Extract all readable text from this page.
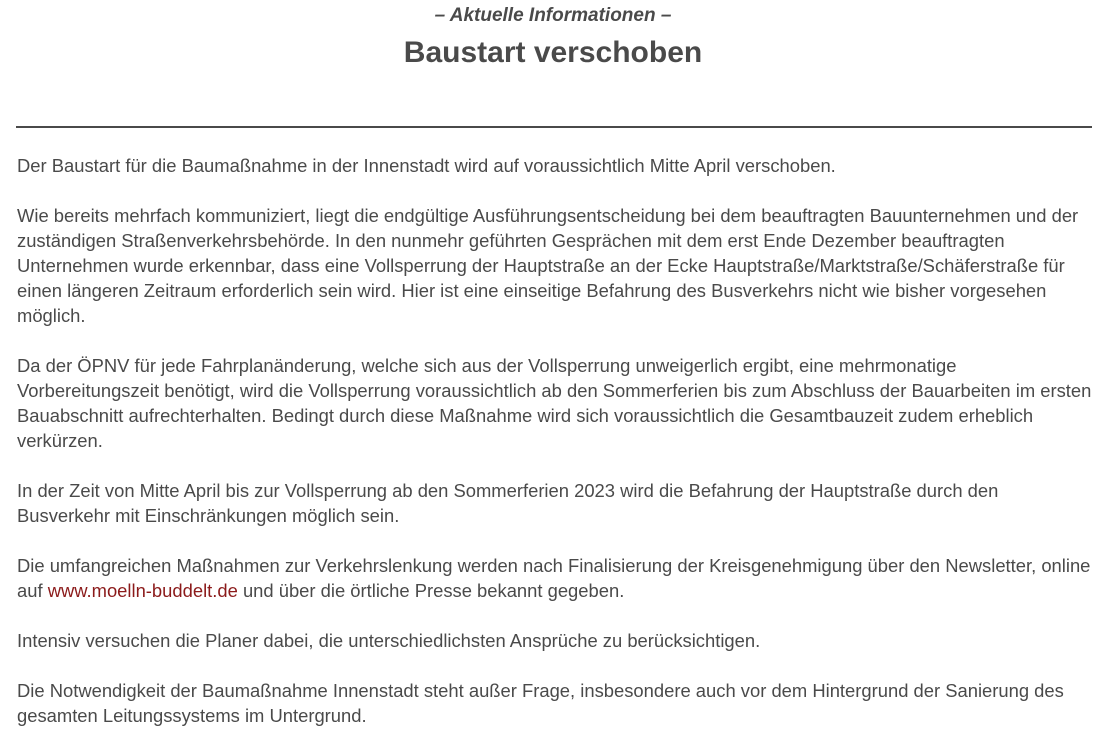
– Aktuelle Informationen –
Baustart verschoben

Der Baustart für die Baumaßnahme in der Innenstadt wird auf voraussichtlich Mitte April verschoben.

Wie bereits mehrfach kommuniziert, liegt die endgültige Ausführungsentscheidung bei dem beauftragten Bauunternehmen und der zuständigen Straßenverkehrsbehörde. In den nunmehr geführten Gesprächen mit dem erst Ende Dezember beauftragten Unternehmen wurde erkennbar, dass eine Vollsperrung der Hauptstraße an der Ecke Hauptstraße/Marktstraße/Schäferstraße für einen längeren Zeitraum erforderlich sein wird. Hier ist eine einseitige Befahrung des Busverkehrs nicht wie bisher vorgesehen möglich.

Da der ÖPNV für jede Fahrplanänderung, welche sich aus der Vollsperrung unweigerlich ergibt, eine mehrmonatige Vorbereitungszeit benötigt, wird die Vollsperrung voraussichtlich ab den Sommerferien bis zum Abschluss der Bauarbeiten im ersten Bauabschnitt aufrechterhalten. Bedingt durch diese Maßnahme wird sich voraussichtlich die Gesamtbauzeit zudem erheblich verkürzen.

In der Zeit von Mitte April bis zur Vollsperrung ab den Sommerferien 2023 wird die Befahrung der Hauptstraße durch den Busverkehr mit Einschränkungen möglich sein.

Die umfangreichen Maßnahmen zur Verkehrslenkung werden nach Finalisierung der Kreisgenehmigung über den Newsletter, online auf www.moelln-buddelt.de und über die örtliche Presse bekannt gegeben.

Intensiv versuchen die Planer dabei, die unterschiedlichsten Ansprüche zu berücksichtigen.

Die Notwendigkeit der Baumaßnahme Innenstadt steht außer Frage, insbesondere auch vor dem Hintergrund der Sanierung des gesamten Leitungssystems im Untergrund.
